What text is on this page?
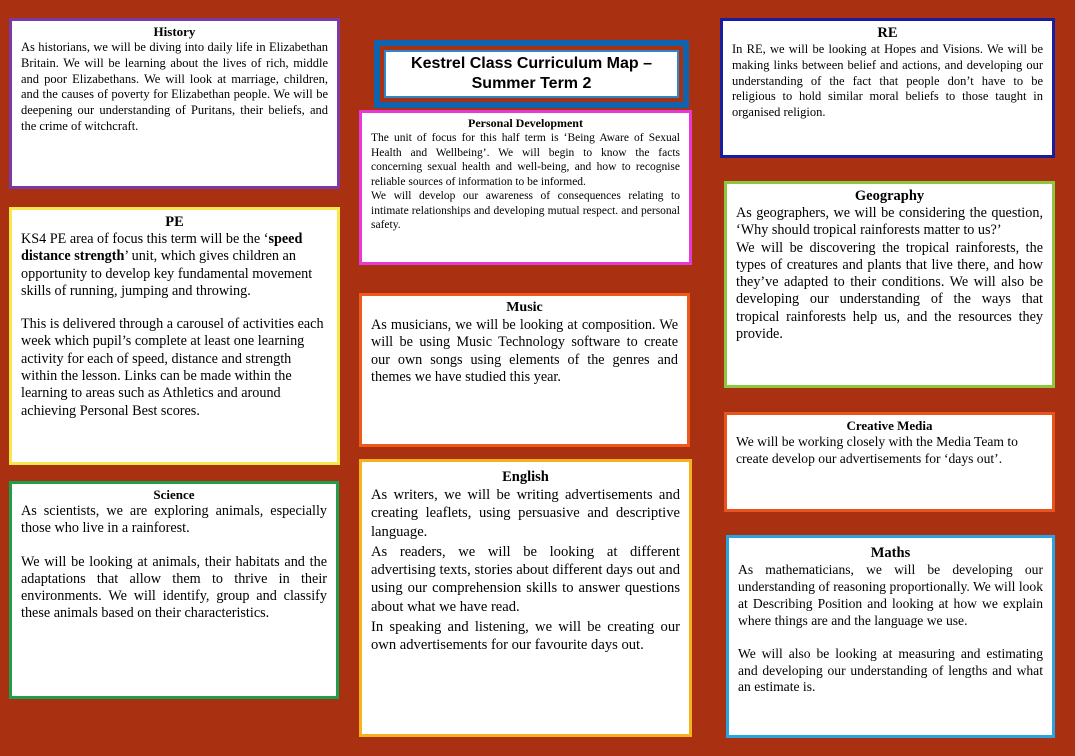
Kestrel Class Curriculum Map –
Summer Term 2
History

As historians, we will be diving into daily life in Elizabethan Britain. We will be learning about the lives of rich, middle and poor Elizabethans. We will look at marriage, children, and the causes of poverty for Elizabethan people. We will be deepening our understanding of Puritans, their beliefs, and the crime of witchcraft.

PE

KS4 PE area of focus this term will be the ‘speed distance strength’ unit, which gives children an opportunity to develop key fundamental movement skills of running, jumping and throwing.

This is delivered through a carousel of activities each week which pupil’s complete at least one learning activity for each of speed, distance and strength within the lesson. Links can be made within the learning to areas such as Athletics and around achieving Personal Best scores.

Science

As scientists, we are exploring animals, especially those who live in a rainforest.

We will be looking at animals, their habitats and the adaptations that allow them to thrive in their environments. We will identify, group and classify these animals based on their characteristics.

Personal Development

The unit of focus for this half term is ‘Being Aware of Sexual Health and Wellbeing’. We will begin to know the facts concerning sexual health and well-being, and how to recognise reliable sources of information to be informed.

We will develop our awareness of consequences relating to intimate relationships and developing mutual respect. and personal safety.

Music

As musicians, we will be looking at composition. We will be using Music Technology software to create our own songs using elements of the genres and themes we have studied this year.

English

As writers, we will be writing advertisements and creating leaflets, using persuasive and descriptive language.

As readers, we will be looking at different advertising texts, stories about different days out and using our comprehension skills to answer questions about what we have read.

In speaking and listening, we will be creating our own advertisements for our favourite days out.

RE

In RE, we will be looking at Hopes and Visions. We will be making links between belief and actions, and developing our understanding of the fact that people don’t have to be religious to hold similar moral beliefs to those taught in organised religion.

Geography

As geographers, we will be considering the question, ‘Why should tropical rainforests matter to us?’

We will be discovering the tropical rainforests, the types of creatures and plants that live there, and how they’ve adapted to their conditions. We will also be developing our understanding of the ways that tropical rainforests help us, and the resources they provide.

Creative Media

We will be working closely with the Media Team to create develop our advertisements for ‘days out’.

Maths

As mathematicians, we will be developing our understanding of reasoning proportionally. We will look at Describing Position and looking at how we explain where things are and the language we use.

We will also be looking at measuring and estimating and developing our understanding of lengths and what an estimate is.
